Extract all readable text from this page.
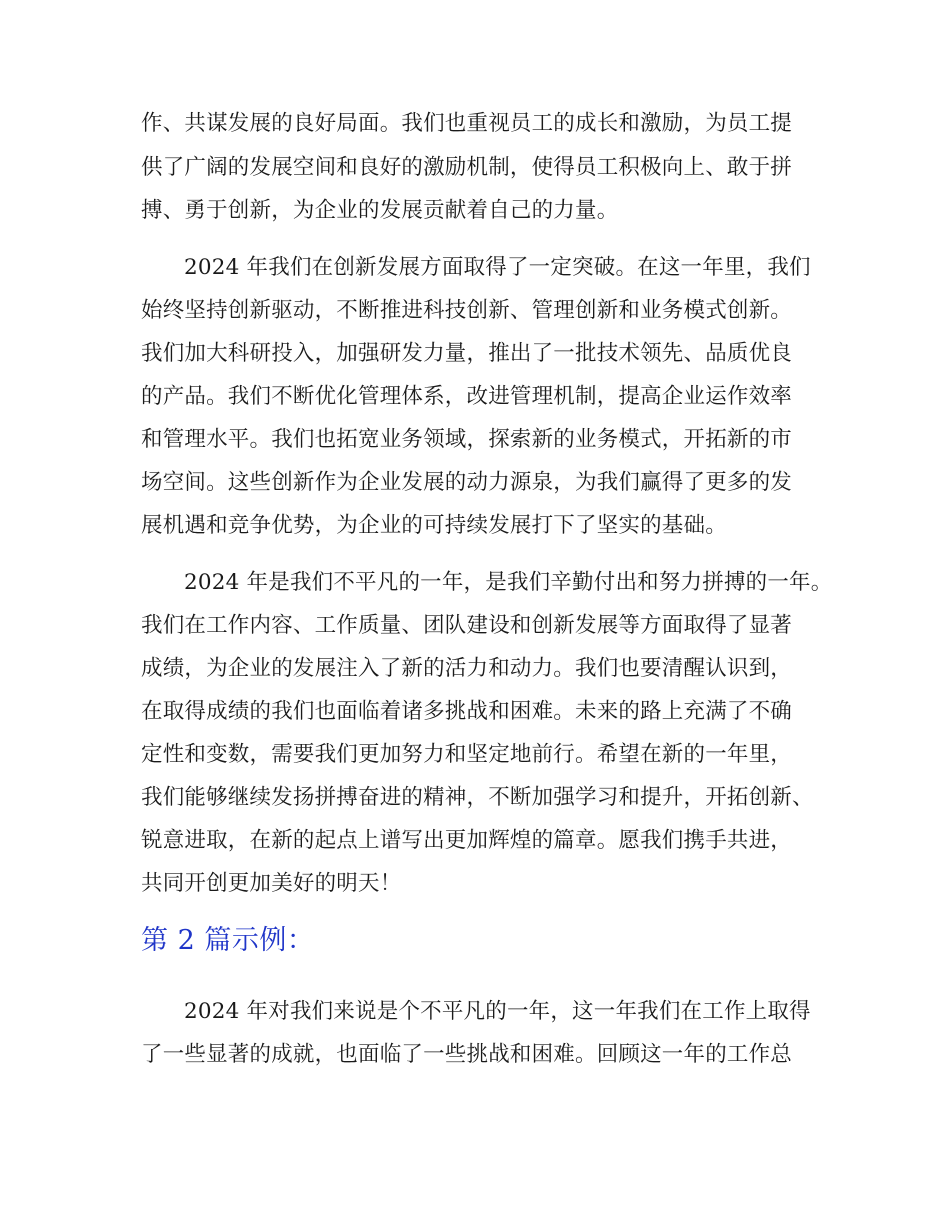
作、共谋发展的良好局面。我们也重视员工的成长和激励，为员工提
供了广阔的发展空间和良好的激励机制，使得员工积极向上、敢于拼
搏、勇于创新，为企业的发展贡献着自己的力量。
2024 年我们在创新发展方面取得了一定突破。在这一年里，我们
始终坚持创新驱动，不断推进科技创新、管理创新和业务模式创新。
我们加大科研投入，加强研发力量，推出了一批技术领先、品质优良
的产品。我们不断优化管理体系，改进管理机制，提高企业运作效率
和管理水平。我们也拓宽业务领域，探索新的业务模式，开拓新的市
场空间。这些创新作为企业发展的动力源泉，为我们赢得了更多的发
展机遇和竞争优势，为企业的可持续发展打下了坚实的基础。
2024 年是我们不平凡的一年，是我们辛勤付出和努力拼搏的一年。
我们在工作内容、工作质量、团队建设和创新发展等方面取得了显著
成绩，为企业的发展注入了新的活力和动力。我们也要清醒认识到，
在取得成绩的我们也面临着诸多挑战和困难。未来的路上充满了不确
定性和变数，需要我们更加努力和坚定地前行。希望在新的一年里，
我们能够继续发扬拼搏奋进的精神，不断加强学习和提升，开拓创新、
锐意进取，在新的起点上谱写出更加辉煌的篇章。愿我们携手共进，
共同开创更加美好的明天！
第 2 篇示例：
2024 年对我们来说是个不平凡的一年，这一年我们在工作上取得
了一些显著的成就，也面临了一些挑战和困难。回顾这一年的工作总
